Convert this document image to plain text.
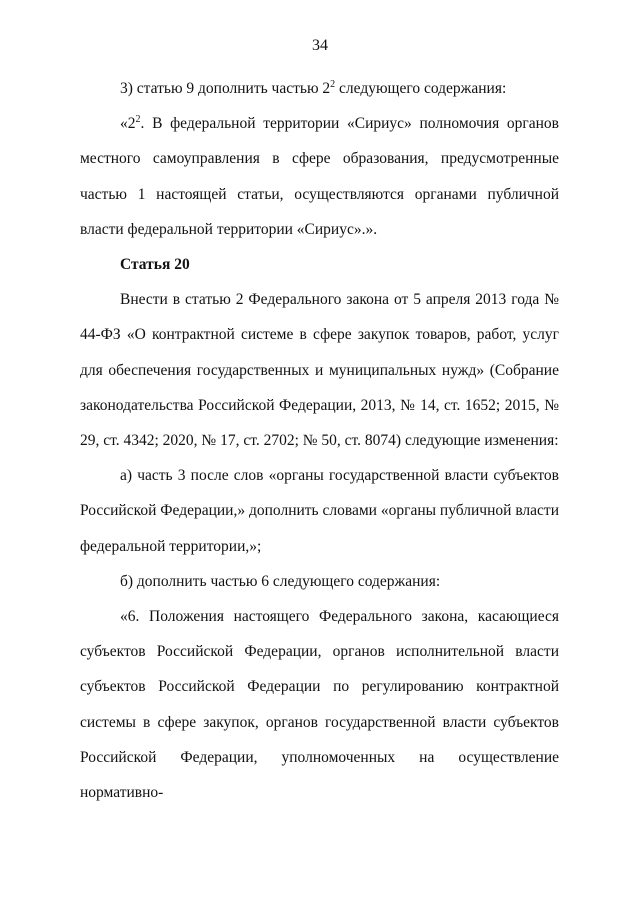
34

3) статью 9 дополнить частью $2^2$ следующего содержания:

«$2^2$. В федеральной территории «Сириус» полномочия органов местного самоуправления в сфере образования, предусмотренные частью 1 настоящей статьи, осуществляются органами публичной власти федеральной территории «Сириус».».

Статья 20

Внести в статью 2 Федерального закона от 5 апреля 2013 года № 44-ФЗ «О контрактной системе в сфере закупок товаров, работ, услуг для обеспечения государственных и муниципальных нужд» (Собрание законодательства Российской Федерации, 2013, № 14, ст. 1652; 2015, № 29, ст. 4342; 2020, № 17, ст. 2702; № 50, ст. 8074) следующие изменения:

а) часть 3 после слов «органы государственной власти субъектов Российской Федерации,» дополнить словами «органы публичной власти федеральной территории,»;

б) дополнить частью 6 следующего содержания:

«6. Положения настоящего Федерального закона, касающиеся субъектов Российской Федерации, органов исполнительной власти субъектов Российской Федерации по регулированию контрактной системы в сфере закупок, органов государственной власти субъектов Российской Федерации, уполномоченных на осуществление нормативно-
